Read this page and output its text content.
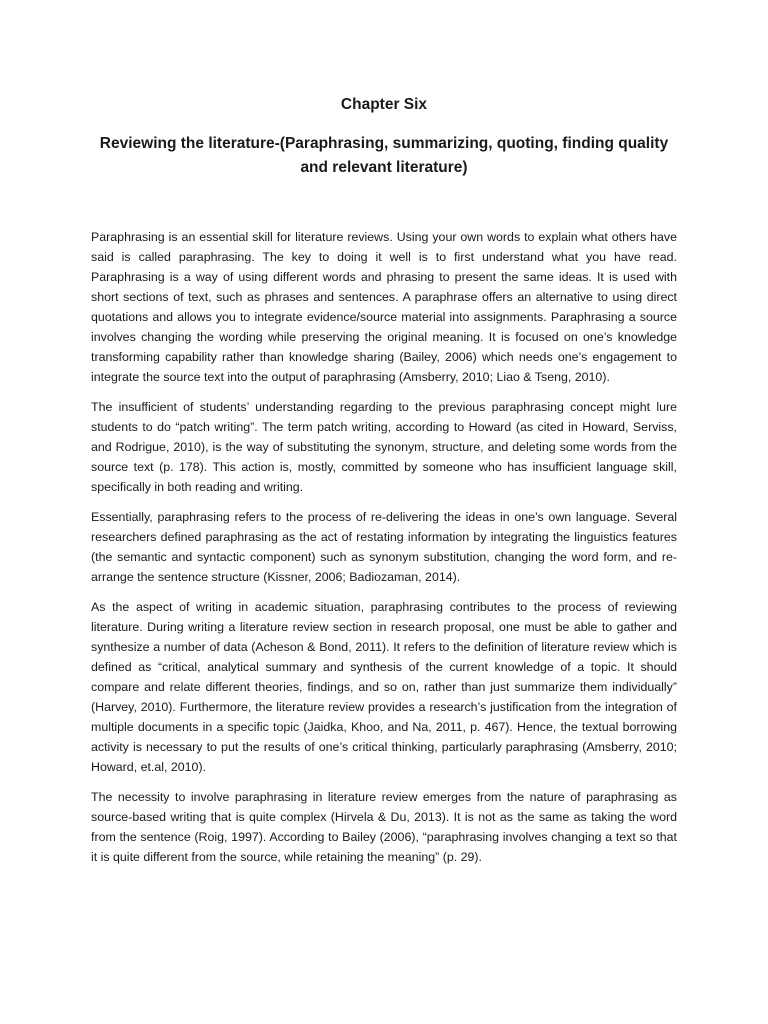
Chapter Six
Reviewing the literature-(Paraphrasing, summarizing, quoting, finding quality and relevant literature)

Paraphrasing is an essential skill for literature reviews. Using your own words to explain what others have said is called paraphrasing. The key to doing it well is to first understand what you have read. Paraphrasing is a way of using different words and phrasing to present the same ideas. It is used with short sections of text, such as phrases and sentences. A paraphrase offers an alternative to using direct quotations and allows you to integrate evidence/source material into assignments. Paraphrasing a source involves changing the wording while preserving the original meaning. It is focused on one’s knowledge transforming capability rather than knowledge sharing (Bailey, 2006) which needs one’s engagement to integrate the source text into the output of paraphrasing (Amsberry, 2010; Liao & Tseng, 2010).

The insufficient of students’ understanding regarding to the previous paraphrasing concept might lure students to do “patch writing”. The term patch writing, according to Howard (as cited in Howard, Serviss, and Rodrigue, 2010), is the way of substituting the synonym, structure, and deleting some words from the source text (p. 178). This action is, mostly, committed by someone who has insufficient language skill, specifically in both reading and writing.

Essentially, paraphrasing refers to the process of re-delivering the ideas in one’s own language. Several researchers defined paraphrasing as the act of restating information by integrating the linguistics features (the semantic and syntactic component) such as synonym substitution, changing the word form, and re-arrange the sentence structure (Kissner, 2006; Badiozaman, 2014).

As the aspect of writing in academic situation, paraphrasing contributes to the process of reviewing literature. During writing a literature review section in research proposal, one must be able to gather and synthesize a number of data (Acheson & Bond, 2011). It refers to the definition of literature review which is defined as “critical, analytical summary and synthesis of the current knowledge of a topic. It should compare and relate different theories, findings, and so on, rather than just summarize them individually” (Harvey, 2010). Furthermore, the literature review provides a research’s justification from the integration of multiple documents in a specific topic (Jaidka, Khoo, and Na, 2011, p. 467). Hence, the textual borrowing activity is necessary to put the results of one’s critical thinking, particularly paraphrasing (Amsberry, 2010; Howard, et.al, 2010).

The necessity to involve paraphrasing in literature review emerges from the nature of paraphrasing as source-based writing that is quite complex (Hirvela & Du, 2013). It is not as the same as taking the word from the sentence (Roig, 1997). According to Bailey (2006), “paraphrasing involves changing a text so that it is quite different from the source, while retaining the meaning” (p. 29).
